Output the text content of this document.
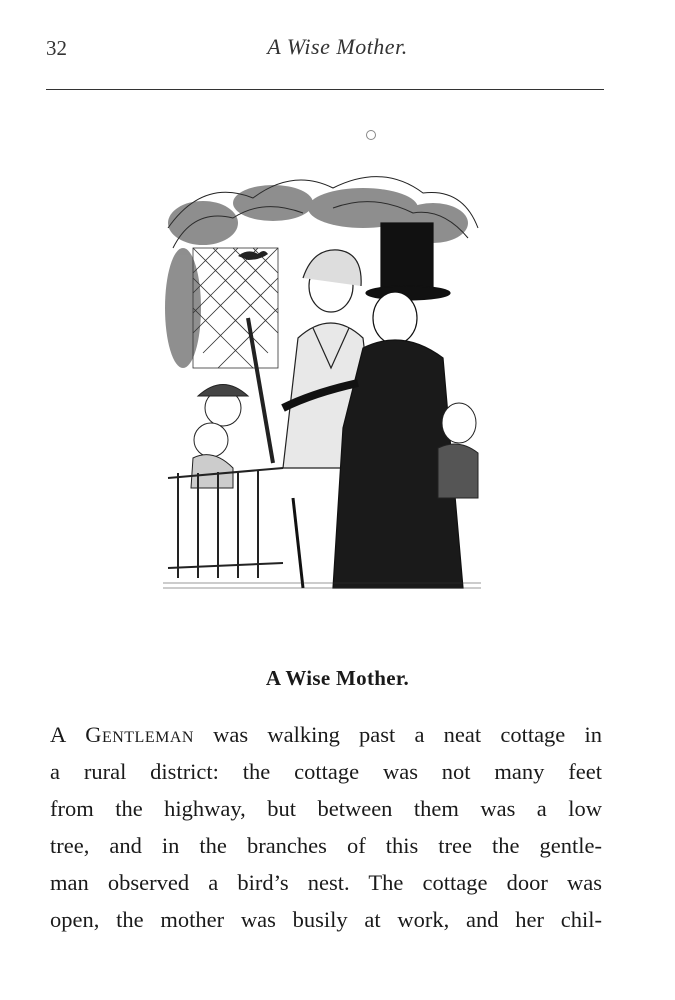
32	A Wise Mother.
A Wise Mother.
A Gentleman was walking past a neat cottage in
a rural district: the cottage was not many feet
from the highway, but between them was a low
tree, and in the branches of this tree the gentle-
man observed a bird’s nest. The cottage door was
open, the mother was busily at work, and her chil-
